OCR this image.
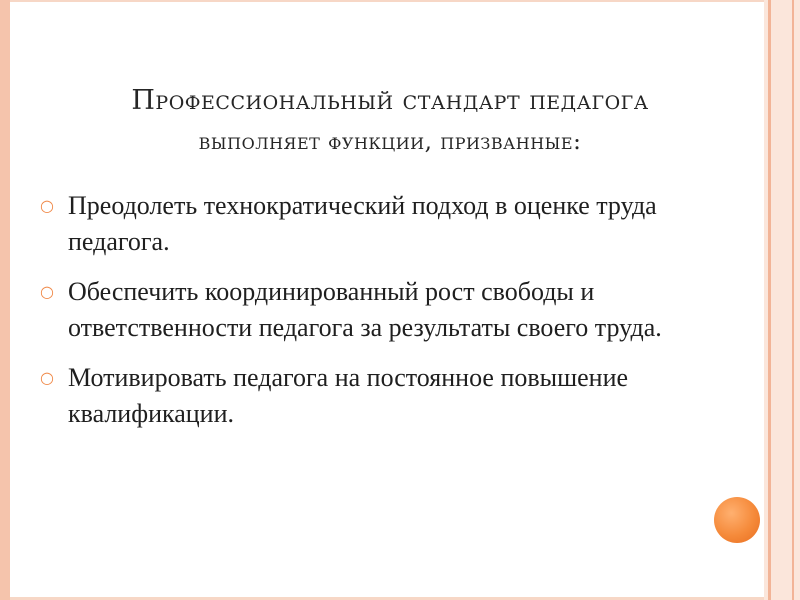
Профессиональный стандарт педагога
выполняет функции, призванные:
○ Преодолеть технократический подход в оценке труда педагога.
○ Обеспечить координированный рост свободы и ответственности педагога за результаты своего труда.
○ Мотивировать педагога на постоянное повышение квалификации.
